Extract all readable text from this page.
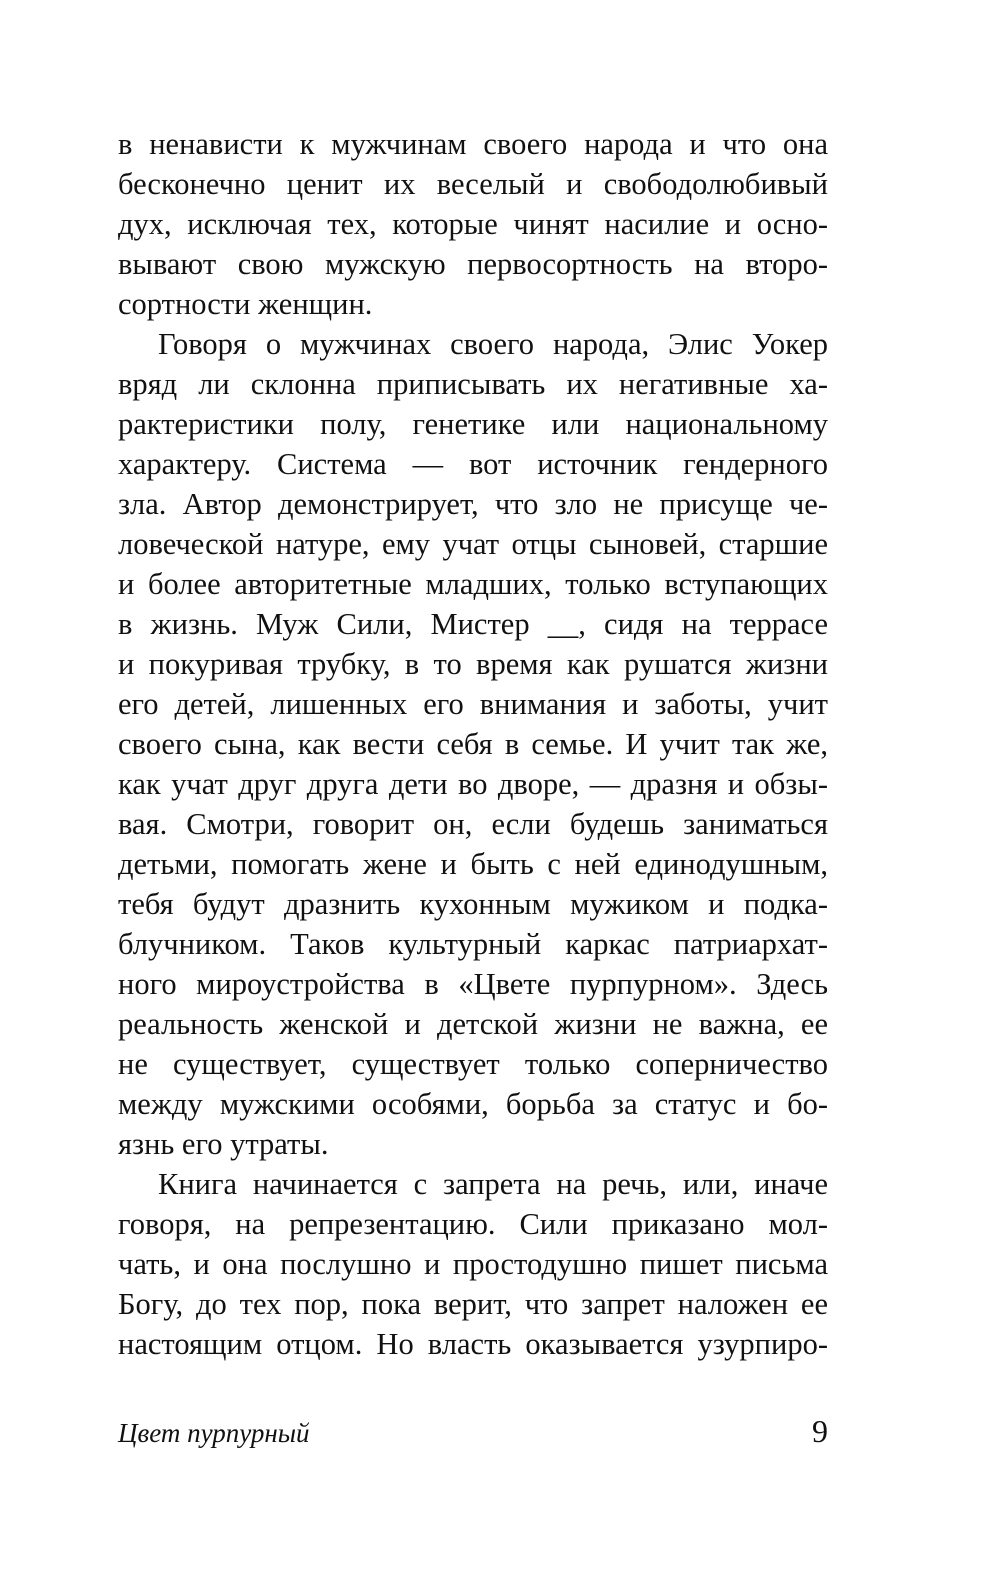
в ненависти к мужчинам своего народа и что она
бесконечно ценит их веселый и свободолюбивый
дух, исключая тех, которые чинят насилие и осно-
вывают свою мужскую первосортность на второ-
сортности женщин.
Говоря о мужчинах своего народа, Элис Уокер
вряд ли склонна приписывать их негативные ха-
рактеристики полу, генетике или национальному
характеру. Система — вот источник гендерного
зла. Автор демонстрирует, что зло не присуще че-
ловеческой натуре, ему учат отцы сыновей, старшие
и более авторитетные младших, только вступающих
в жизнь. Муж Сили, Мистер __, сидя на террасе
и покуривая трубку, в то время как рушатся жизни
его детей, лишенных его внимания и заботы, учит
своего сына, как вести себя в семье. И учит так же,
как учат друг друга дети во дворе, — дразня и обзы-
вая. Смотри, говорит он, если будешь заниматься
детьми, помогать жене и быть с ней единодушным,
тебя будут дразнить кухонным мужиком и подка-
блучником. Таков культурный каркас патриархат-
ного мироустройства в «Цвете пурпурном». Здесь
реальность женской и детской жизни не важна, ее
не существует, существует только соперничество
между мужскими особями, борьба за статус и бо-
язнь его утраты.
Книга начинается с запрета на речь, или, иначе
говоря, на репрезентацию. Сили приказано мол-
чать, и она послушно и простодушно пишет письма
Богу, до тех пор, пока верит, что запрет наложен ее
настоящим отцом. Но власть оказывается узурпиро-
Цвет пурпурный	9
